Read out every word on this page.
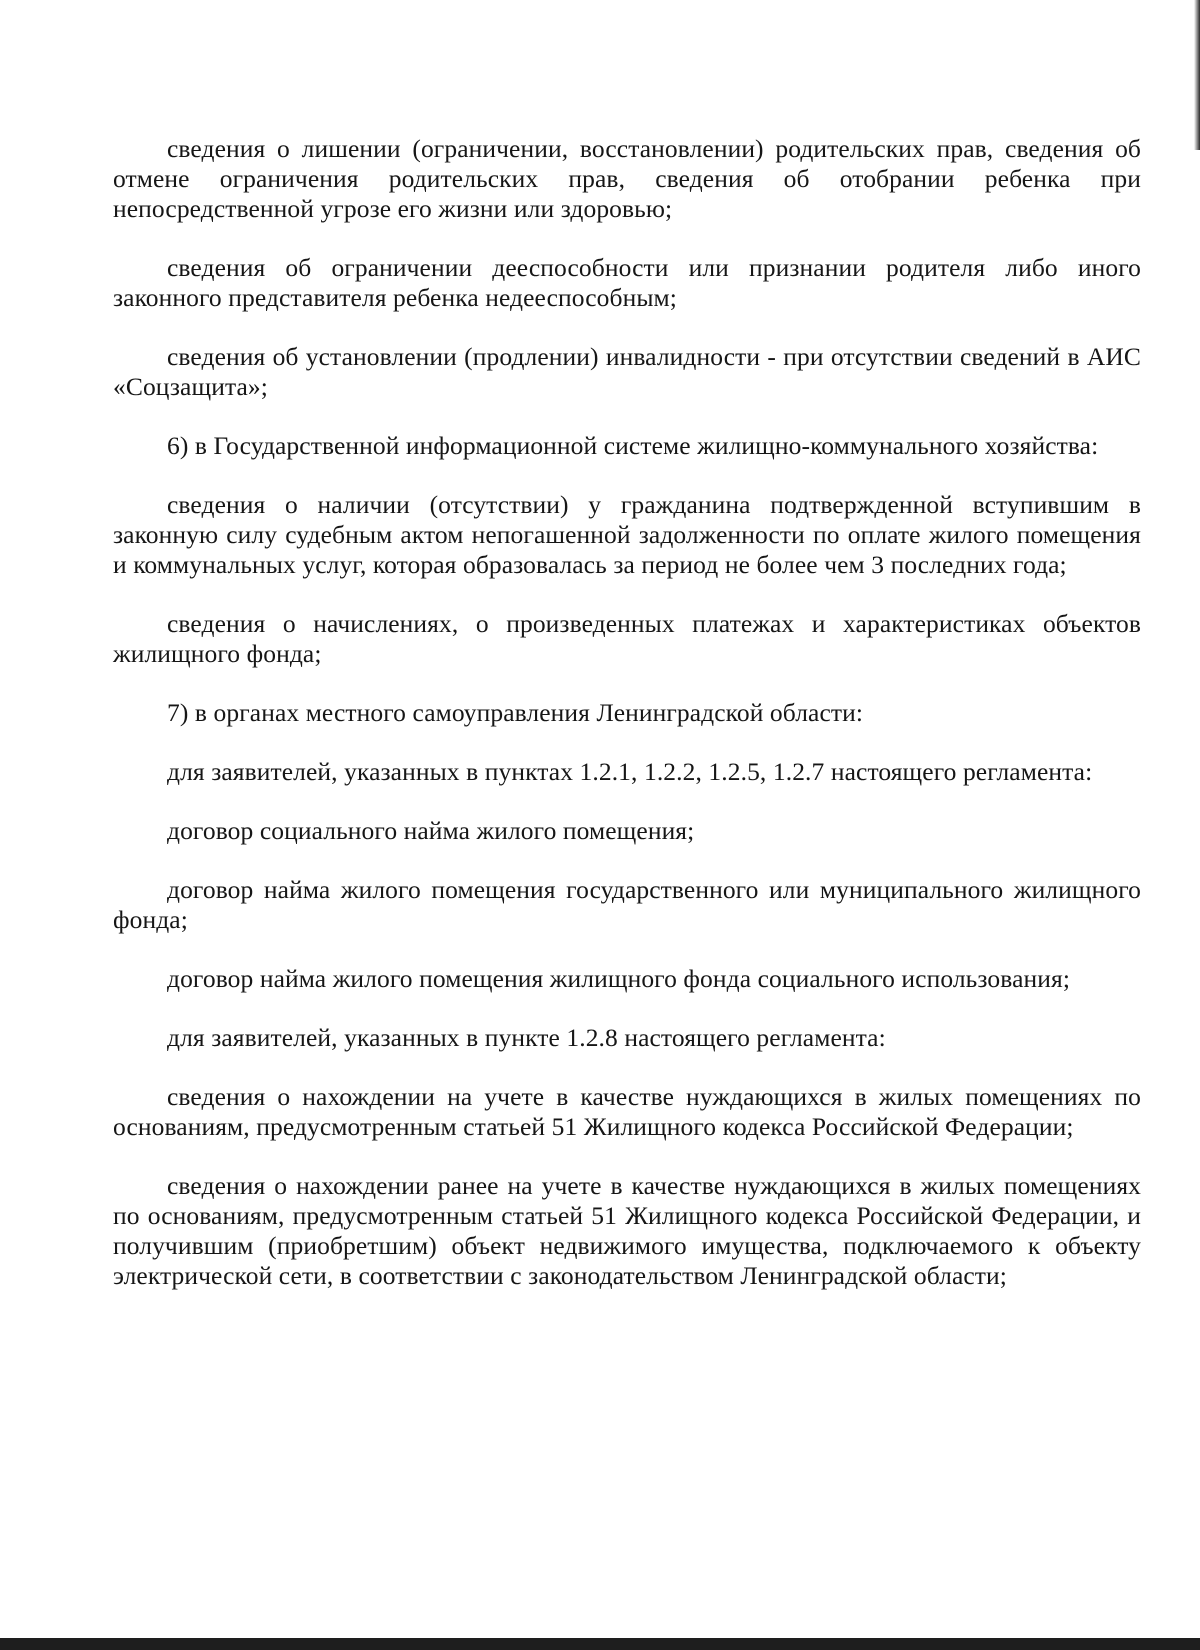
сведения о лишении (ограничении, восстановлении) родительских прав, сведения об отмене ограничения родительских прав, сведения об отобрании ребенка при непосредственной угрозе его жизни или здоровью;

сведения об ограничении дееспособности или признании родителя либо иного законного представителя ребенка недееспособным;

сведения об установлении (продлении) инвалидности - при отсутствии сведений в АИС «Соцзащита»;

6) в Государственной информационной системе жилищно-коммунального хозяйства:

сведения о наличии (отсутствии) у гражданина подтвержденной вступившим в законную силу судебным актом непогашенной задолженности по оплате жилого помещения и коммунальных услуг, которая образовалась за период не более чем 3 последних года;

сведения о начислениях, о произведенных платежах и характеристиках объектов жилищного фонда;

7) в органах местного самоуправления Ленинградской области:

для заявителей, указанных в пунктах 1.2.1, 1.2.2, 1.2.5, 1.2.7 настоящего регламента:

договор социального найма жилого помещения;

договор найма жилого помещения государственного или муниципального жилищного фонда;

договор найма жилого помещения жилищного фонда социального использования;

для заявителей, указанных в пункте 1.2.8 настоящего регламента:

сведения о нахождении на учете в качестве нуждающихся в жилых помещениях по основаниям, предусмотренным статьей 51 Жилищного кодекса Российской Федерации;

сведения о нахождении ранее на учете в качестве нуждающихся в жилых помещениях по основаниям, предусмотренным статьей 51 Жилищного кодекса Российской Федерации, и получившим (приобретшим) объект недвижимого имущества, подключаемого к объекту электрической сети, в соответствии с законодательством Ленинградской области;
